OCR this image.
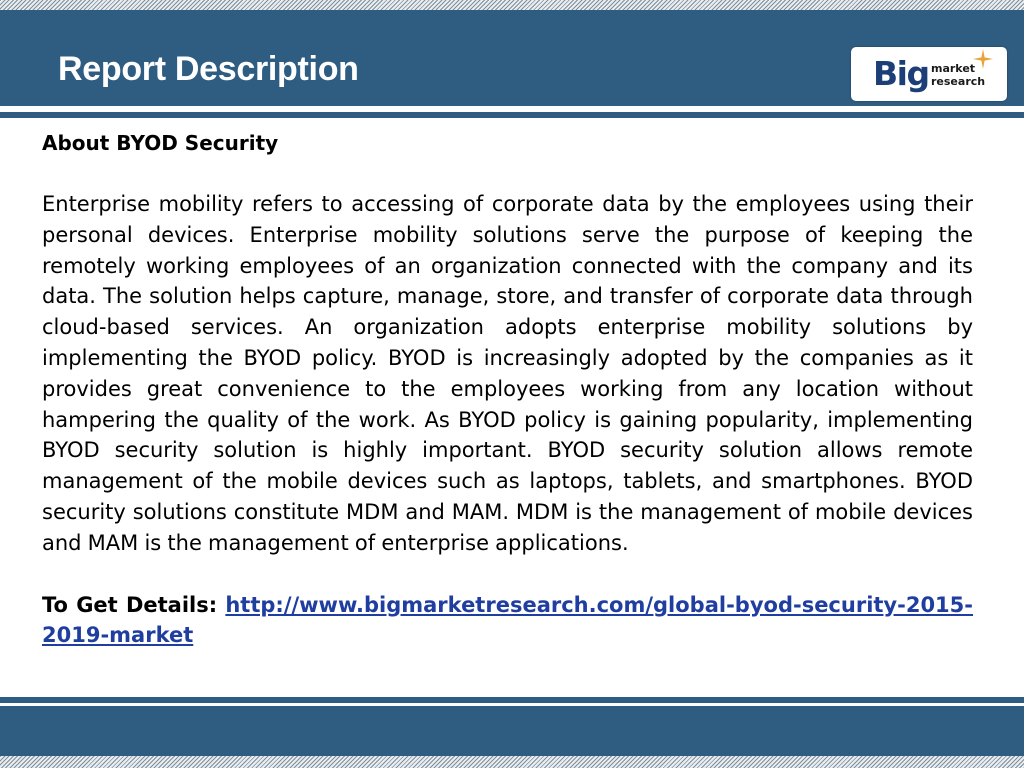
Report Description	Big market
research
About BYOD Security

Enterprise mobility refers to accessing of corporate data by the employees using their personal devices. Enterprise mobility solutions serve the purpose of keeping the remotely working employees of an organization connected with the company and its data. The solution helps capture, manage, store, and transfer of corporate data through cloud-based services. An organization adopts enterprise mobility solutions by implementing the BYOD policy. BYOD is increasingly adopted by the companies as it provides great convenience to the employees working from any location without hampering the quality of the work. As BYOD policy is gaining popularity, implementing BYOD security solution is highly important. BYOD security solution allows remote management of the mobile devices such as laptops, tablets, and smartphones. BYOD security solutions constitute MDM and MAM. MDM is the management of mobile devices and MAM is the management of enterprise applications.

To Get Details: http://www.bigmarketresearch.com/global-byod-security-2015-2019-market
